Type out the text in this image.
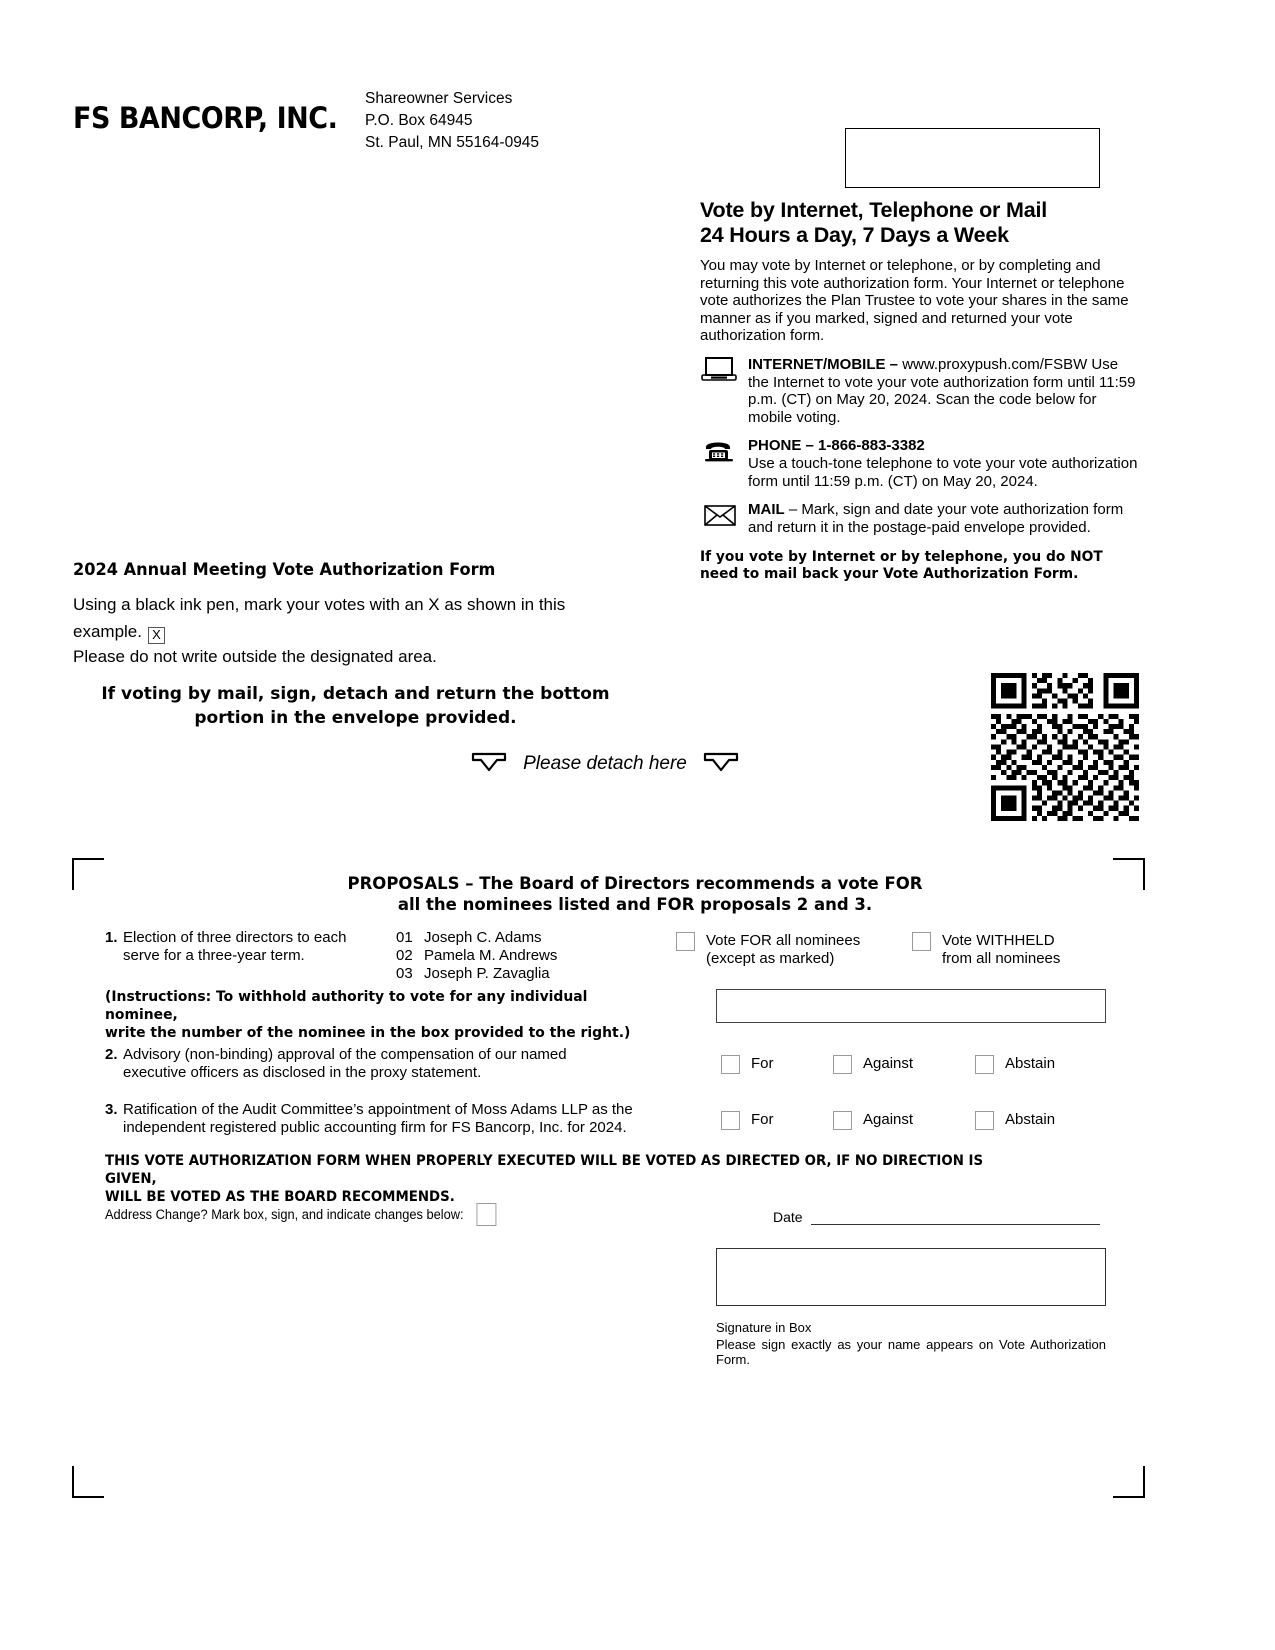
FS BANCORP, INC.
Shareowner Services
P.O. Box 64945
St. Paul, MN 55164-0945
Vote by Internet, Telephone or Mail
24 Hours a Day, 7 Days a Week
You may vote by Internet or telephone, or by completing and returning this vote authorization form. Your Internet or telephone vote authorizes the Plan Trustee to vote your shares in the same manner as if you marked, signed and returned your vote authorization form.
INTERNET/MOBILE – www.proxypush.com/FSBW Use the Internet to vote your vote authorization form until 11:59 p.m. (CT) on May 20, 2024. Scan the code below for mobile voting.
PHONE – 1-866-883-3382
Use a touch-tone telephone to vote your vote authorization form until 11:59 p.m. (CT) on May 20, 2024.
MAIL – Mark, sign and date your vote authorization form and return it in the postage-paid envelope provided.
If you vote by Internet or by telephone, you do NOT need to mail back your Vote Authorization Form.
2024 Annual Meeting Vote Authorization Form
Using a black ink pen, mark your votes with an X as shown in this example. X
Please do not write outside the designated area.
If voting by mail, sign, detach and return the bottom
portion in the envelope provided.
Please detach here
PROPOSALS – The Board of Directors recommends a vote FOR
all the nominees listed and FOR proposals 2 and 3.
1. Election of three directors to each
serve for a three-year term.
01 Joseph C. Adams
02 Pamela M. Andrews
03 Joseph P. Zavaglia
Vote FOR all nominees
(except as marked)
Vote WITHHELD
from all nominees
(Instructions: To withhold authority to vote for any individual nominee,
write the number of the nominee in the box provided to the right.)
2. Advisory (non-binding) approval of the compensation of our named
executive officers as disclosed in the proxy statement.
For	Against	Abstain
3. Ratification of the Audit Committee’s appointment of Moss Adams LLP as the
independent registered public accounting firm for FS Bancorp, Inc. for 2024.	For	Against	Abstain
THIS VOTE AUTHORIZATION FORM WHEN PROPERLY EXECUTED WILL BE VOTED AS DIRECTED OR, IF NO DIRECTION IS GIVEN,
WILL BE VOTED AS THE BOARD RECOMMENDS.
Address Change? Mark box, sign, and indicate changes below:	Date
Signature in Box
Please sign exactly as your name appears on Vote Authorization Form.
